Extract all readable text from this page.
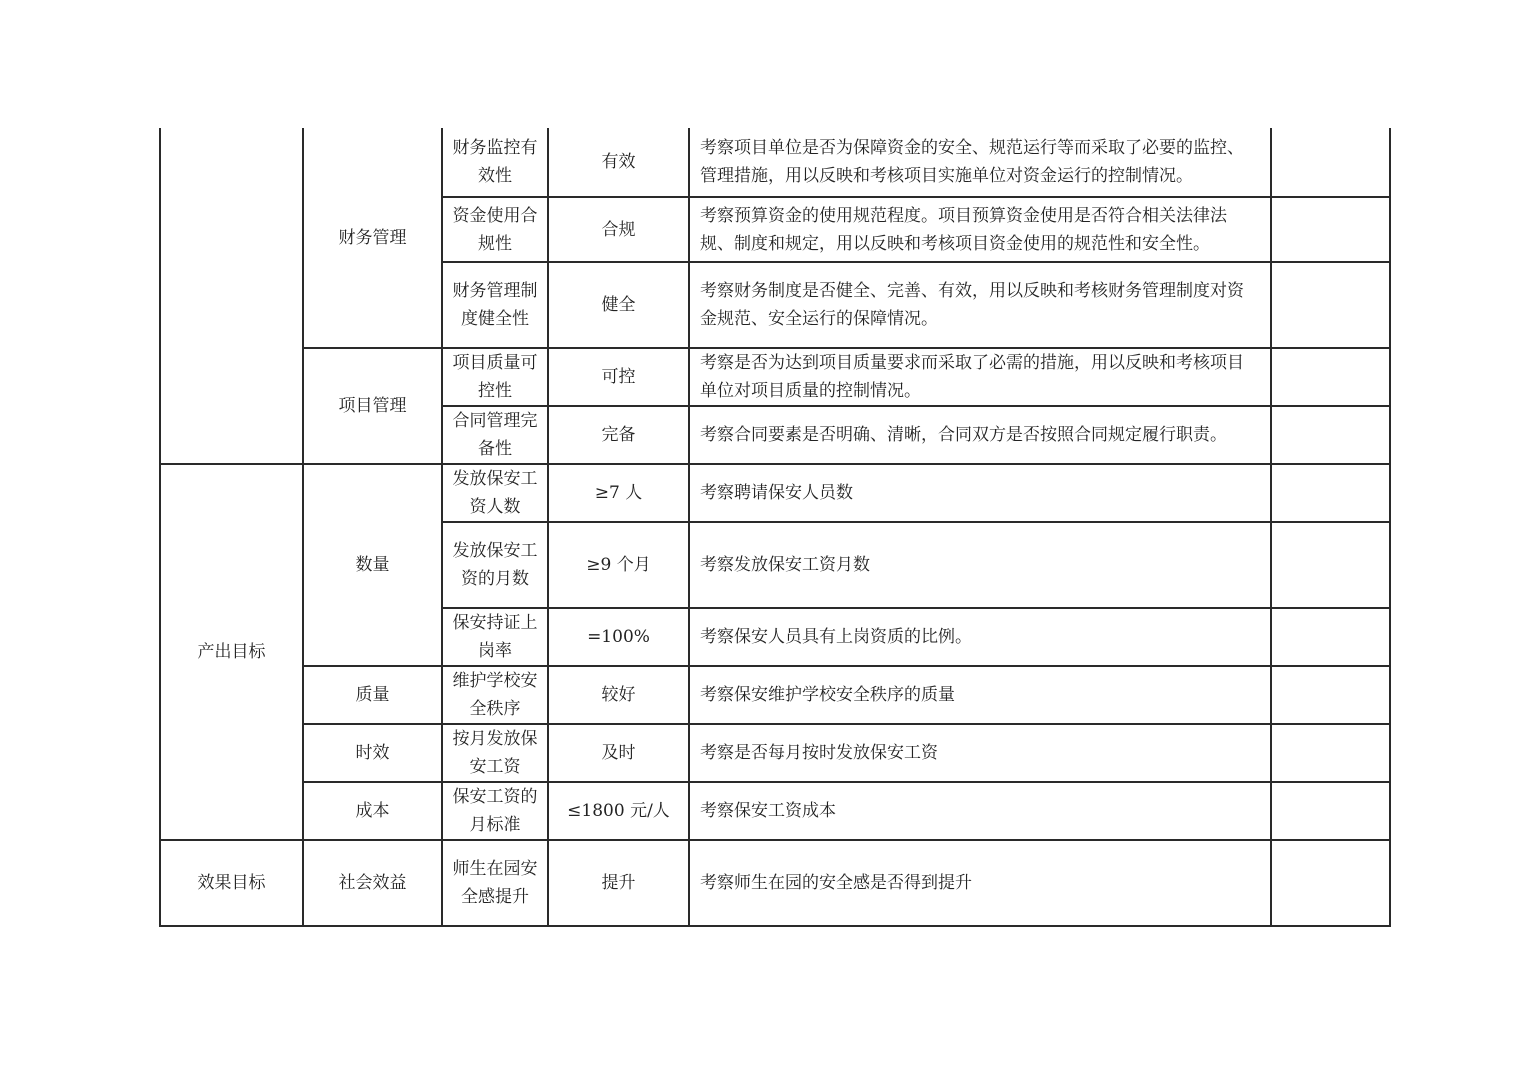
	财务管理	财务监控有效性	有效	考察项目单位是否为保障资金的安全、规范运行等而采取了必要的监控、管理措施，用以反映和考核项目实施单位对资金运行的控制情况。	
		资金使用合规性	合规	考察预算资金的使用规范程度。项目预算资金使用是否符合相关法律法规、制度和规定，用以反映和考核项目资金使用的规范性和安全性。	
		财务管理制度健全性	健全	考察财务制度是否健全、完善、有效，用以反映和考核财务管理制度对资金规范、安全运行的保障情况。	
	项目管理	项目质量可控性	可控	考察是否为达到项目质量要求而采取了必需的措施，用以反映和考核项目单位对项目质量的控制情况。	
		合同管理完备性	完备	考察合同要素是否明确、清晰，合同双方是否按照合同规定履行职责。	
产出目标	数量	发放保安工资人数	≥7 人	考察聘请保安人员数	
		发放保安工资的月数	≥9 个月	考察发放保安工资月数	
		保安持证上岗率	=100%	考察保安人员具有上岗资质的比例。	
	质量	维护学校安全秩序	较好	考察保安维护学校安全秩序的质量	
	时效	按月发放保安工资	及时	考察是否每月按时发放保安工资	
	成本	保安工资的月标准	≤1800 元/人	考察保安工资成本	
效果目标	社会效益	师生在园安全感提升	提升	考察师生在园的安全感是否得到提升	
